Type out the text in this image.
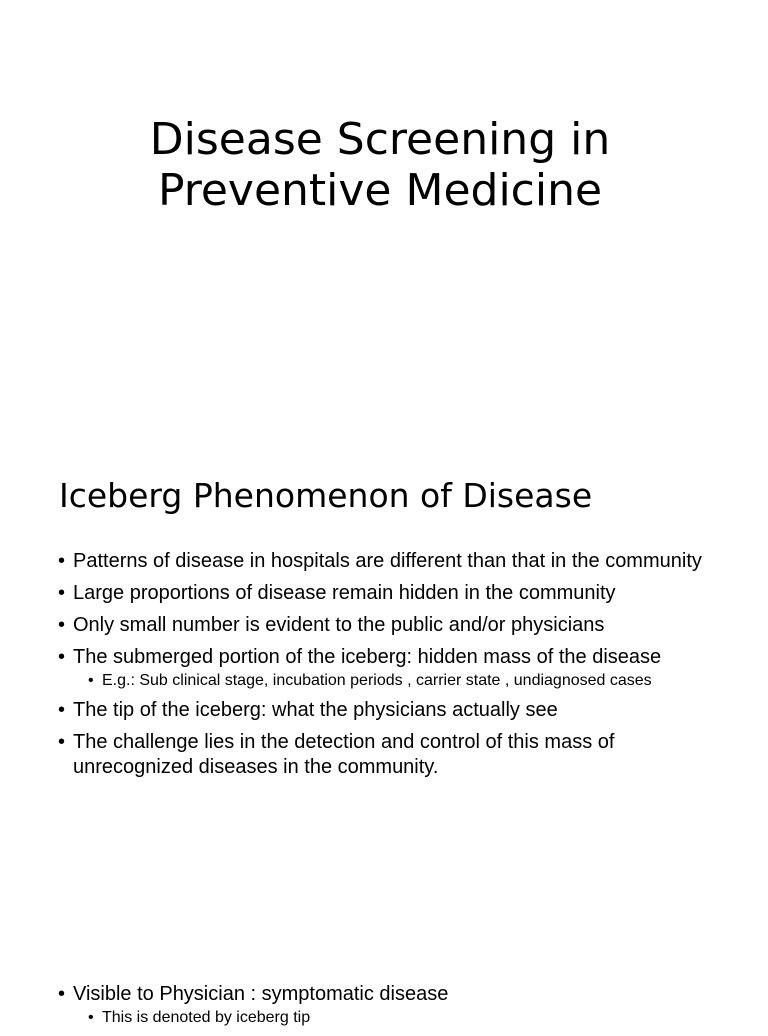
Disease Screening in
Preventive Medicine
Iceberg Phenomenon of Disease
• Patterns of disease in hospitals are different than that in the community
• Large proportions of disease remain hidden in the community
• Only small number is evident to the public and/or physicians
• The submerged portion of the iceberg: hidden mass of the disease
• E.g.: Sub clinical stage, incubation periods , carrier state , undiagnosed cases
• The tip of the iceberg: what the physicians actually see
• The challenge lies in the detection and control of this mass of unrecognized diseases in the community.
• Visible to Physician : symptomatic disease
• This is denoted by iceberg tip
